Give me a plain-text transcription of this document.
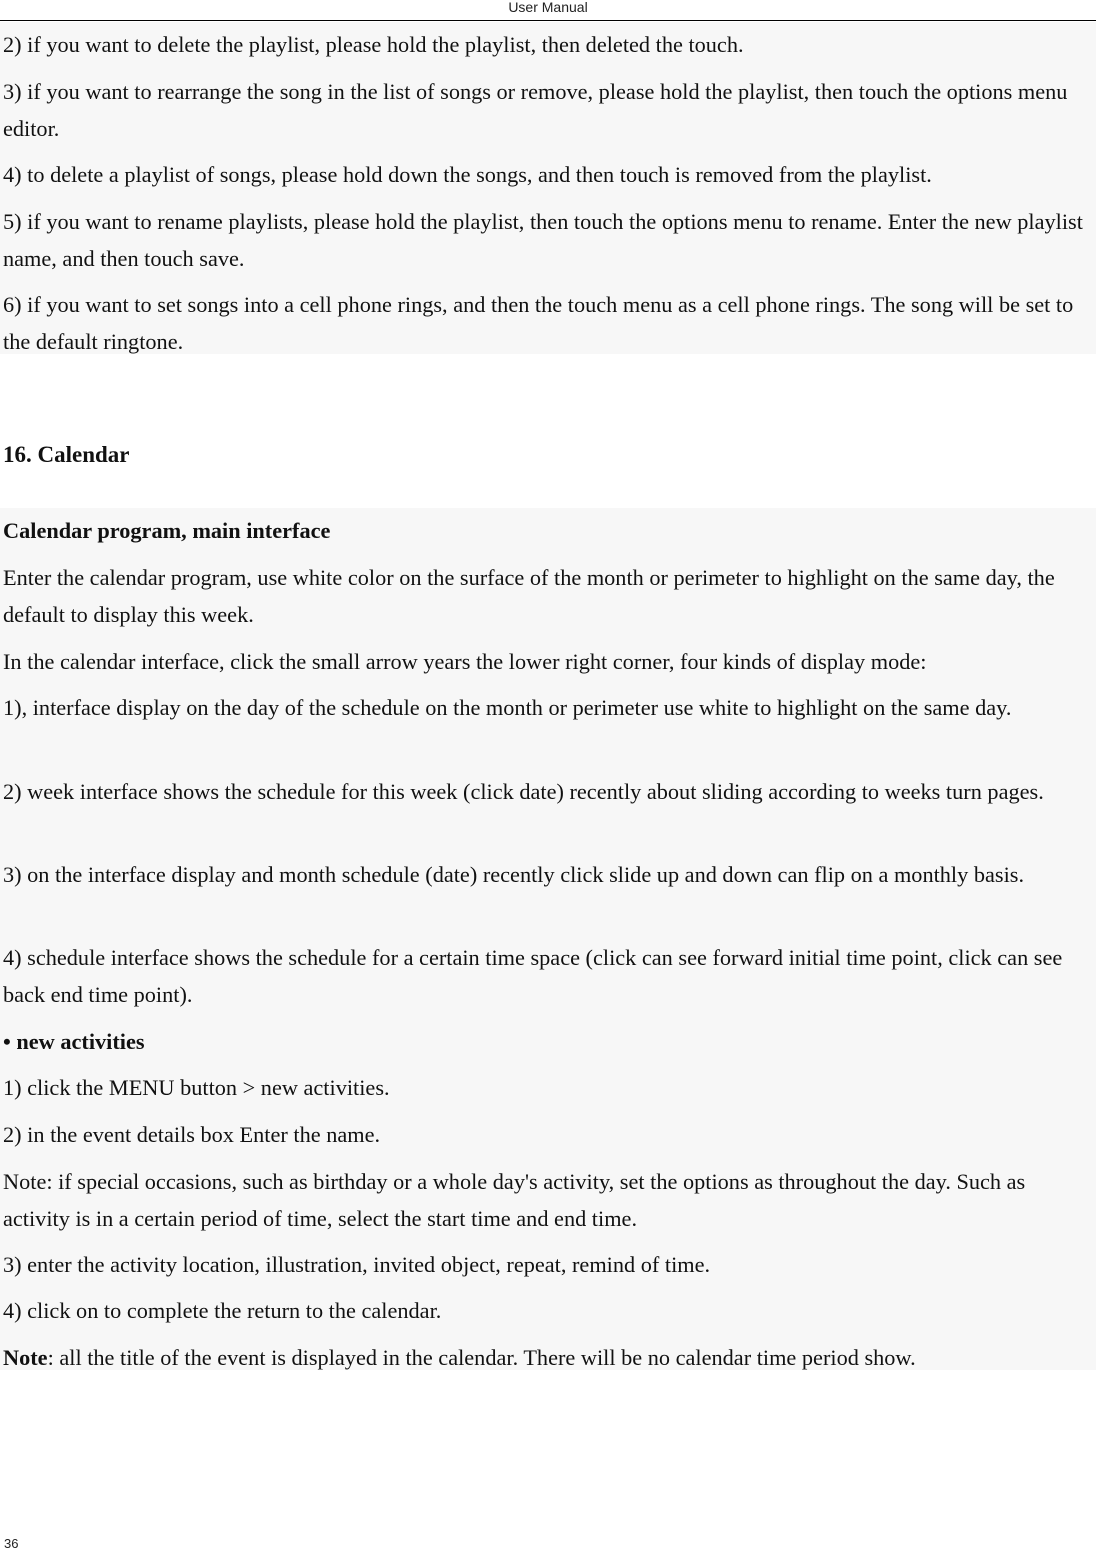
User Manual

2) if you want to delete the playlist, please hold the playlist, then deleted the touch.

3) if you want to rearrange the song in the list of songs or remove, please hold the playlist, then touch the options menu editor.

4) to delete a playlist of songs, please hold down the songs, and then touch is removed from the playlist.

5) if you want to rename playlists, please hold the playlist, then touch the options menu to rename. Enter the new playlist name, and then touch save.

6) if you want to set songs into a cell phone rings, and then the touch menu as a cell phone rings. The song will be set to the default ringtone.

16. Calendar

Calendar program, main interface

Enter the calendar program, use white color on the surface of the month or perimeter to highlight on the same day, the default to display this week.

In the calendar interface, click the small arrow years the lower right corner, four kinds of display mode:

1), interface display on the day of the schedule on the month or perimeter use white to highlight on the same day.

2) week interface shows the schedule for this week (click date) recently about sliding according to weeks turn pages.

3) on the interface display and month schedule (date) recently click slide up and down can flip on a monthly basis.

4) schedule interface shows the schedule for a certain time space (click can see forward initial time point, click can see back end time point).

• new activities

1) click the MENU button > new activities.

2) in the event details box Enter the name.

Note: if special occasions, such as birthday or a whole day's activity, set the options as throughout the day. Such as activity is in a certain period of time, select the start time and end time.

3) enter the activity location, illustration, invited object, repeat, remind of time.

4) click on to complete the return to the calendar.

Note: all the title of the event is displayed in the calendar. There will be no calendar time period show.

36
